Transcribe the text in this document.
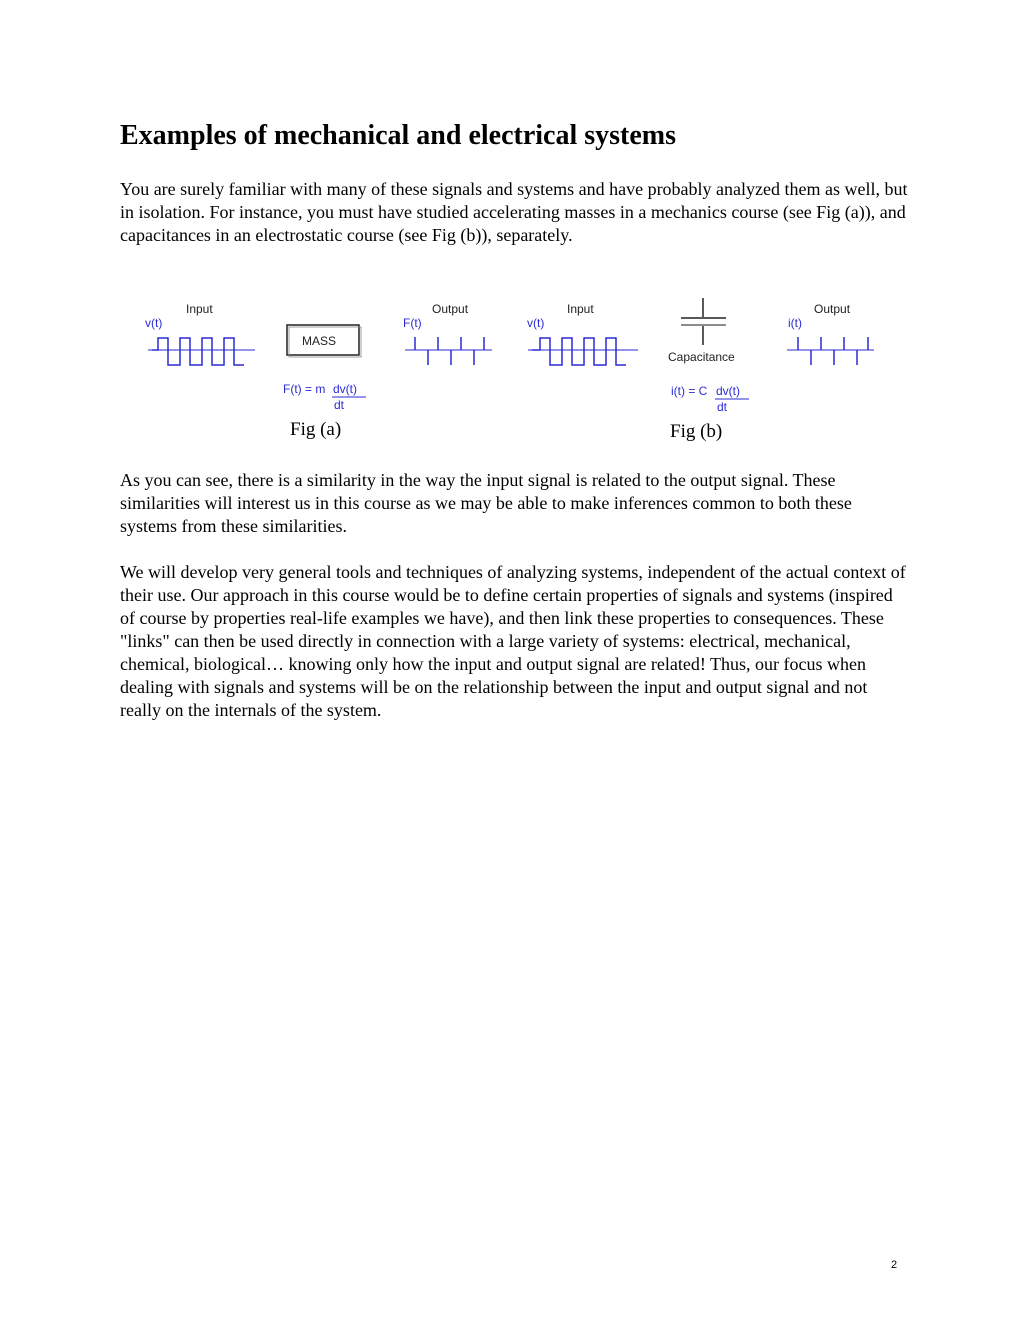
Examples of mechanical and electrical systems

You are surely familiar with many of these signals and systems and have probably analyzed them as well, but in isolation. For instance, you must have studied accelerating masses in a mechanics course (see Fig (a)), and capacitances in an electrostatic course (see Fig (b)), separately.

Input
v(t)
MASS
F(t) = m dv(t)
dt
Fig (a)
Output
F(t)
Input
v(t)
Capacitance
i(t) = C dv(t)
dt
Fig (b)
Output
i(t)

As you can see, there is a similarity in the way the input signal is related to the output signal. These similarities will interest us in this course as we may be able to make inferences common to both these systems from these similarities.

We will develop very general tools and techniques of analyzing systems, independent of the actual context of their use. Our approach in this course would be to define certain properties of signals and systems (inspired of course by properties real-life examples we have), and then link these properties to consequences. These "links" can then be used directly in connection with a large variety of systems: electrical, mechanical, chemical, biological… knowing only how the input and output signal are related! Thus, our focus when dealing with signals and systems will be on the relationship between the input and output signal and not really on the internals of the system.

2
